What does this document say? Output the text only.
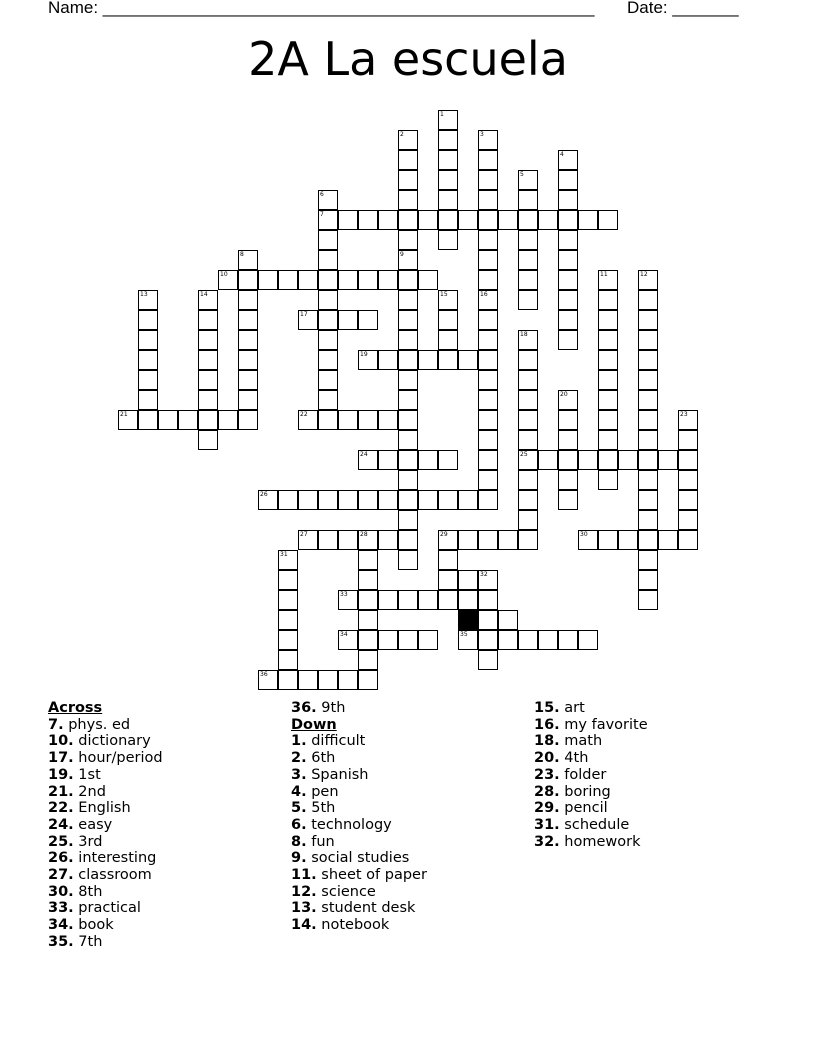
Name: ____________________________________________________ Date: _______
2A La escuela
1
2	3
4
5
6
7
8	9
10	11	12
13	14	15	16
17
18
19
20
21	22	23
24	25
26
27	28	29	30
31
32
33
34	35
36
Across
7. phys. ed
10. dictionary
17. hour/period
19. 1st
21. 2nd
22. English
24. easy
25. 3rd
26. interesting
27. classroom
30. 8th
33. practical
34. book
35. 7th
36. 9th
Down
1. difficult
2. 6th
3. Spanish
4. pen
5. 5th
6. technology
8. fun
9. social studies
11. sheet of paper
12. science
13. student desk
14. notebook
15. art
16. my favorite
18. math
20. 4th
23. folder
28. boring
29. pencil
31. schedule
32. homework
